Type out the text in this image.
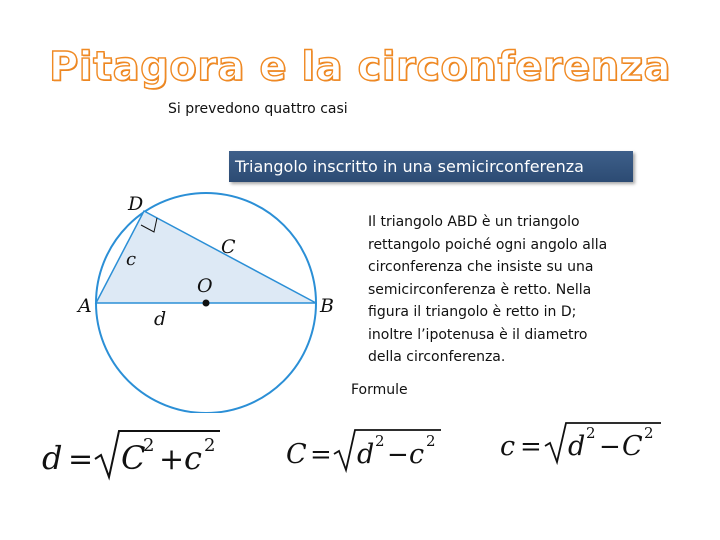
Pitagora e la circonferenza
Si prevedono quattro casi
Triangolo inscritto in una semicirconferenza
Il triangolo ABD è un triangolo rettangolo poiché ogni angolo alla circonferenza che insiste su una semicirconferenza è retto. Nella figura il triangolo è retto in D; inoltre l’ipotenusa è il diametro della circonferenza.
Formule
D
C
c
O
A	B
d
d = C
2 + c 2	C = d 2 − c 2 c = d 2 − C 2
